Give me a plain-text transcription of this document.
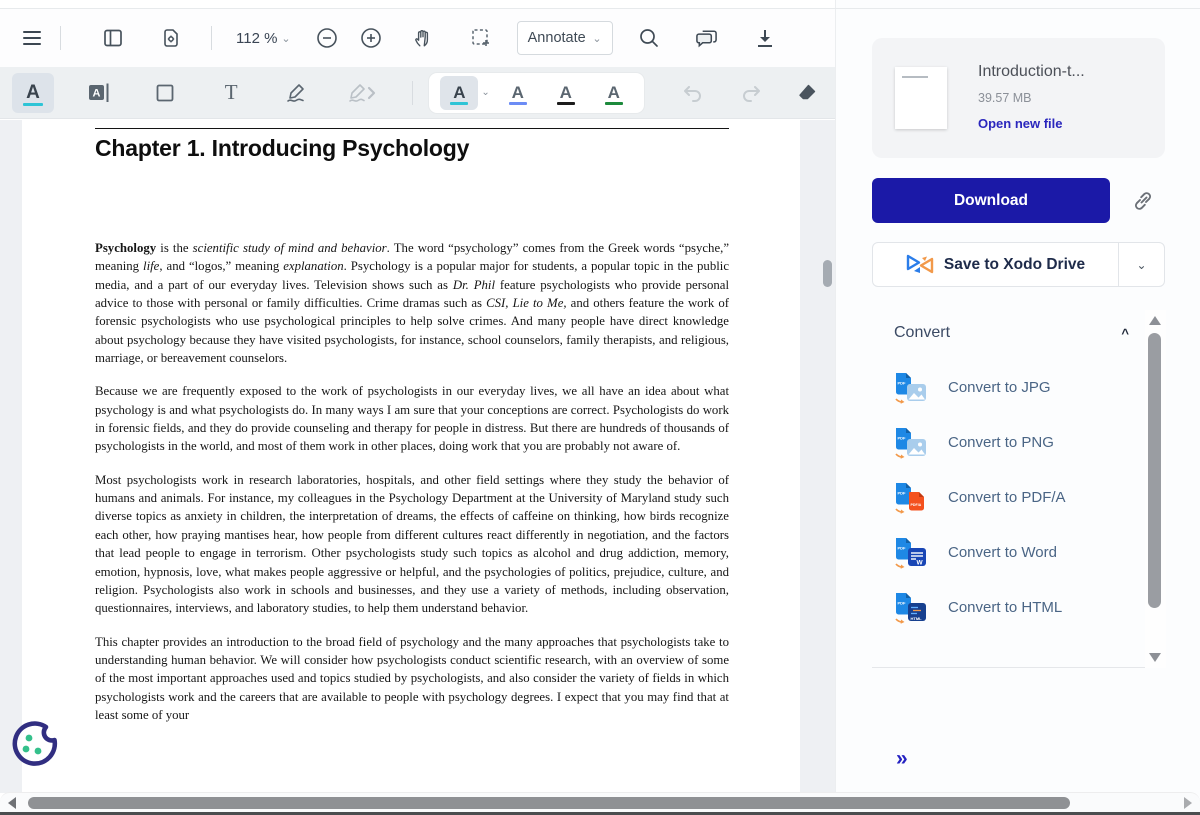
112 % ⌄	Annotate ⌄
A	A	T	A ⌄ A A A
Chapter 1. Introducing Psychology

Psychology is the scientific study of mind and behavior. The word “psychology” comes from the Greek words “psyche,” meaning life, and “logos,” meaning explanation. Psychology is a popular major for students, a popular topic in the public media, and a part of our everyday lives. Television shows such as Dr. Phil feature psychologists who provide personal advice to those with personal or family difficulties. Crime dramas such as CSI, Lie to Me, and others feature the work of forensic psychologists who use psychological principles to help solve crimes. And many people have direct knowledge about psychology because they have visited psychologists, for instance, school counselors, family therapists, and religious, marriage, or bereavement counselors.

Because we are frequently exposed to the work of psychologists in our everyday lives, we all have an idea about what psychology is and what psychologists do. In many ways I am sure that your conceptions are correct. Psychologists do work in forensic fields, and they do provide counseling and therapy for people in distress. But there are hundreds of thousands of psychologists in the world, and most of them work in other places, doing work that you are probably not aware of.

Most psychologists work in research laboratories, hospitals, and other field settings where they study the behavior of humans and animals. For instance, my colleagues in the Psychology Department at the University of Maryland study such diverse topics as anxiety in children, the interpretation of dreams, the effects of caffeine on thinking, how birds recognize each other, how praying mantises hear, how people from different cultures react differently in negotiation, and the factors that lead people to engage in terrorism. Other psychologists study such topics as alcohol and drug addiction, memory, emotion, hypnosis, love, what makes people aggressive or helpful, and the psychologies of politics, prejudice, culture, and religion. Psychologists also work in schools and businesses, and they use a variety of methods, including observation, questionnaires, interviews, and laboratory studies, to help them understand behavior.

This chapter provides an introduction to the broad field of psychology and the many approaches that psychologists take to understanding human behavior. We will consider how psychologists conduct scientific research, with an overview of some of the most important approaches used and topics studied by psychologists, and also consider the variety of fields in which psychologists work and the careers that are available to people with psychology degrees. I expect that you may find that at least some of your

Introduction-t...
39.57 MB
Open new file
Download
Save to Xodo Drive	⌄
Convert	^
PDF	Convert to JPG
PDF	Convert to PNG
PDF
PDF/A Convert to PDF/A
PDF
W
Convert to Word
PDF
HTML
Convert to HTML
»
